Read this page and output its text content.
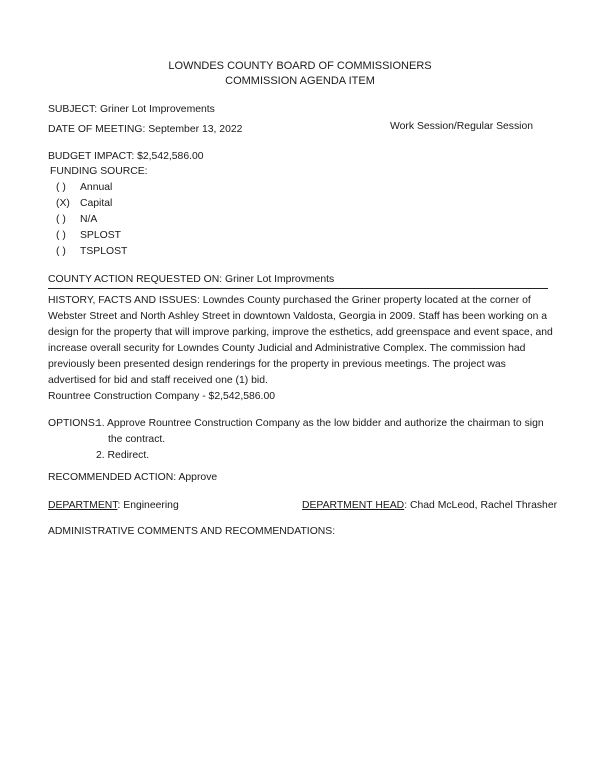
LOWNDES COUNTY BOARD OF COMMISSIONERS
COMMISSION AGENDA ITEM
SUBJECT: Griner Lot Improvements
DATE OF MEETING: September 13, 2022	Work Session/Regular Session
BUDGET IMPACT: $2,542,586.00
FUNDING SOURCE:
( ) Annual
(X) Capital
( ) N/A
( ) SPLOST
( ) TSPLOST
COUNTY ACTION REQUESTED ON: Griner Lot Improvments
HISTORY, FACTS AND ISSUES: Lowndes County purchased the Griner property located at the corner of
Webster Street and North Ashley Street in downtown Valdosta, Georgia in 2009. Staff has been working on a
design for the property that will improve parking, improve the esthetics, add greenspace and event space, and
increase overall security for Lowndes County Judicial and Administrative Complex. The commission had
previously been presented design renderings for the property in previous meetings. The project was
advertised for bid and staff received one (1) bid.
Rountree Construction Company - $2,542,586.00
OPTIONS:
1. Approve Rountree Construction Company as the low bidder and authorize the chairman to sign
the contract.
2. Redirect.
RECOMMENDED ACTION: Approve
DEPARTMENT: Engineering	DEPARTMENT HEAD: Chad McLeod, Rachel Thrasher
ADMINISTRATIVE COMMENTS AND RECOMMENDATIONS:
